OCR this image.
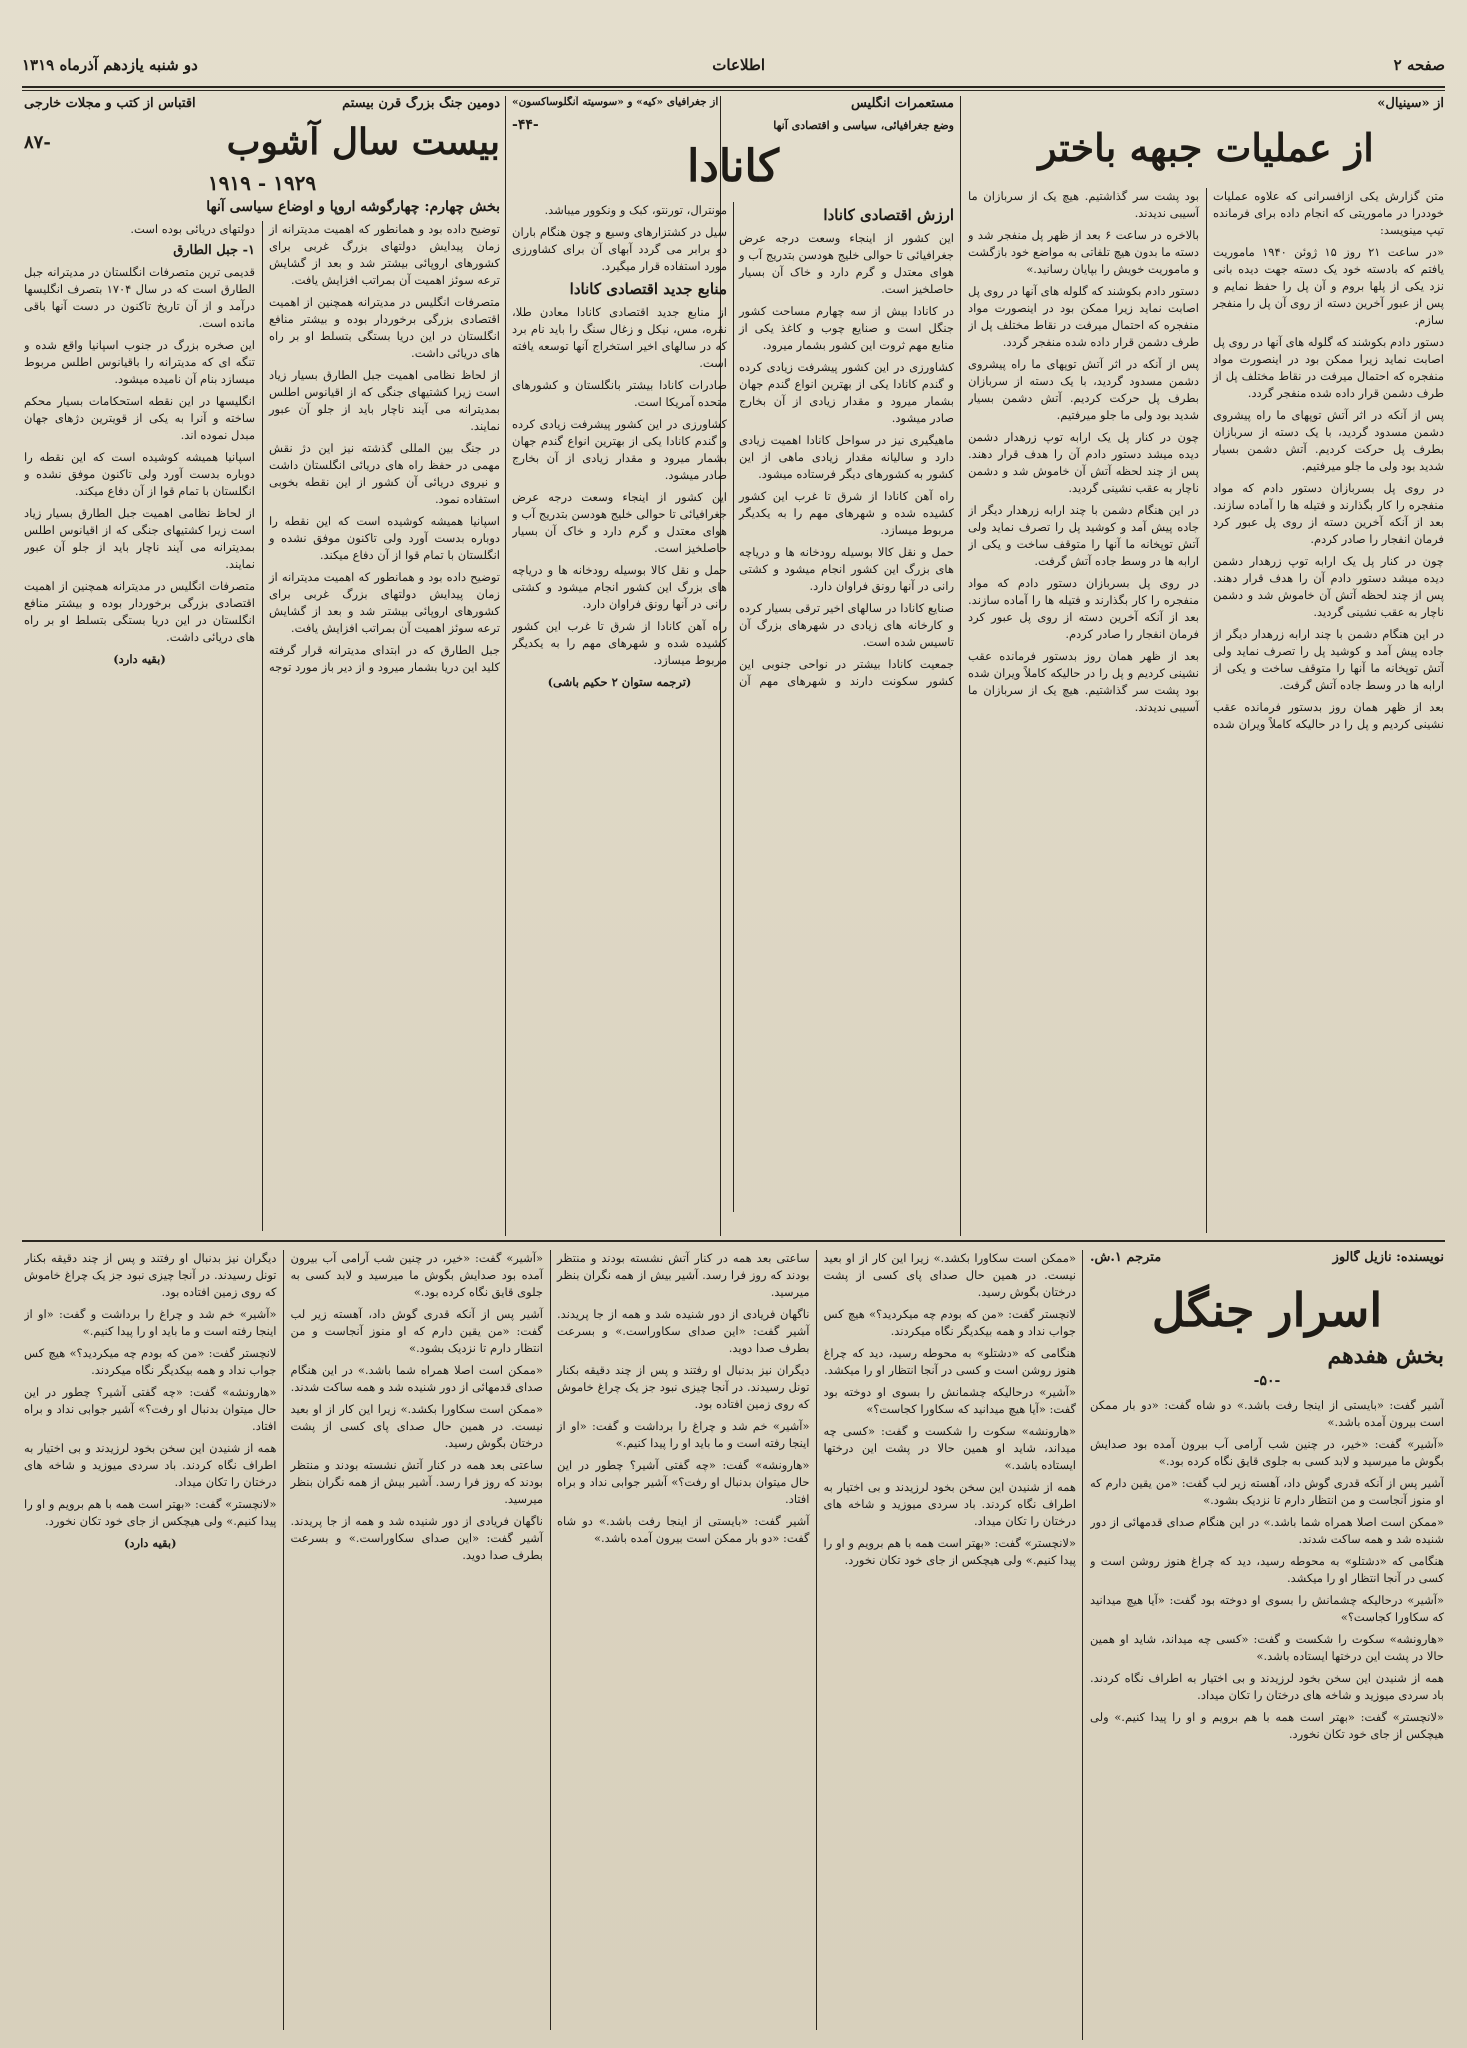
صفحه ۲
اطلاعات
دو شنبه یازدهم آذرماه ۱۳۱۹
از «سینیال»
از عملیات جبهه باختر

متن گزارش یکی ازافسرانی که علاوه عملیات خوددرا در ماموریتی که انجام داده برای فرمانده تیپ مینویسد:

«در ساعت ۲۱ روز ۱۵ ژوئن ۱۹۴۰ ماموریت یافتم که بادسته خود یک دسته جهت دیده بانی نزد یکی از پلها بروم و آن پل را حفظ نمایم و پس از عبور آخرین دسته از روی آن پل را منفجر سازم.

دستور دادم بکوشند که گلوله های آنها در روی پل اصابت نماید زیرا ممکن بود در اینصورت مواد منفجره که احتمال میرفت در نقاط مختلف پل از طرف دشمن قرار داده شده منفجر گردد.

پس از آنکه در اثر آتش توپهای ما راه پیشروی دشمن مسدود گردید، با یک دسته از سربازان بطرف پل حرکت کردیم. آتش دشمن بسیار شدید بود ولی ما جلو میرفتیم.

در روی پل بسربازان دستور دادم که مواد منفجره را کار بگذارند و فتیله ها را آماده سازند. بعد از آنکه آخرین دسته از روی پل عبور کرد فرمان انفجار را صادر کردم.

چون در کنار پل یک ارابه توپ زرهدار دشمن دیده میشد دستور دادم آن را هدف قرار دهند. پس از چند لحظه آتش آن خاموش شد و دشمن ناچار به عقب نشینی گردید.

در این هنگام دشمن با چند ارابه زرهدار دیگر از جاده پیش آمد و کوشید پل را تصرف نماید ولی آتش توپخانه ما آنها را متوقف ساخت و یکی از ارابه ها در وسط جاده آتش گرفت.

بعد از ظهر همان روز بدستور فرمانده عقب نشینی کردیم و پل را در حالیکه کاملاً ویران شده بود پشت سر گذاشتیم. هیچ یک از سربازان ما آسیبی ندیدند.

بالاخره در ساعت ۶ بعد از ظهر پل منفجر شد و دسته ما بدون هیچ تلفاتی به مواضع خود بازگشت و ماموریت خویش را بپایان رسانید.»

دستور دادم بکوشند که گلوله های آنها در روی پل اصابت نماید زیرا ممکن بود در اینصورت مواد منفجره که احتمال میرفت در نقاط مختلف پل از طرف دشمن قرار داده شده منفجر گردد.

پس از آنکه در اثر آتش توپهای ما راه پیشروی دشمن مسدود گردید، با یک دسته از سربازان بطرف پل حرکت کردیم. آتش دشمن بسیار شدید بود ولی ما جلو میرفتیم.

چون در کنار پل یک ارابه توپ زرهدار دشمن دیده میشد دستور دادم آن را هدف قرار دهند. پس از چند لحظه آتش آن خاموش شد و دشمن ناچار به عقب نشینی گردید.

در این هنگام دشمن با چند ارابه زرهدار دیگر از جاده پیش آمد و کوشید پل را تصرف نماید ولی آتش توپخانه ما آنها را متوقف ساخت و یکی از ارابه ها در وسط جاده آتش گرفت.

در روی پل بسربازان دستور دادم که مواد منفجره را کار بگذارند و فتیله ها را آماده سازند. بعد از آنکه آخرین دسته از روی پل عبور کرد فرمان انفجار را صادر کردم.

بعد از ظهر همان روز بدستور فرمانده عقب نشینی کردیم و پل را در حالیکه کاملاً ویران شده بود پشت سر گذاشتیم. هیچ یک از سربازان ما آسیبی ندیدند.

مستعمرات انگلیس
از جغرافیای «کیه» و «سوسیته آنگلوساکسون»
وضع جغرافیائی، سیاسی و اقتصادی آنها
-۴۴-
کانادا
ارزش اقتصادی کانادا

این کشور از اینجاء وسعت درجه عرض جغرافیائی تا حوالی خلیج هودسن بتدریج آب و هوای معتدل و گرم دارد و خاک آن بسیار حاصلخیز است.

در کانادا بیش از سه چهارم مساحت کشور جنگل است و صنایع چوب و کاغذ یکی از منابع مهم ثروت این کشور بشمار میرود.

کشاورزی در این کشور پیشرفت زیادی کرده و گندم کانادا یکی از بهترین انواع گندم جهان بشمار میرود و مقدار زیادی از آن بخارج صادر میشود.

ماهیگیری نیز در سواحل کانادا اهمیت زیادی دارد و سالیانه مقدار زیادی ماهی از این کشور به کشورهای دیگر فرستاده میشود.

راه آهن کانادا از شرق تا غرب این کشور کشیده شده و شهرهای مهم را به یکدیگر مربوط میسازد.

حمل و نقل کالا بوسیله رودخانه ها و دریاچه های بزرگ این کشور انجام میشود و کشتی رانی در آنها رونق فراوان دارد.

صنایع کانادا در سالهای اخیر ترقی بسیار کرده و کارخانه های زیادی در شهرهای بزرگ آن تاسیس شده است.

جمعیت کانادا بیشتر در نواحی جنوبی این کشور سکونت دارند و شهرهای مهم آن مونترال، تورنتو، کبک و ونکوور میباشد.

سیل در کشتزارهای وسیع و چون هنگام باران دو برابر می گردد آبهای آن برای کشاورزی مورد استفاده قرار میگیرد.

منابع جدید اقتصادی کانادا

از منابع جدید اقتصادی کانادا معادن طلا، نقره، مس، نیکل و زغال سنگ را باید نام برد که در سالهای اخیر استخراج آنها توسعه یافته است.

صادرات کانادا بیشتر بانگلستان و کشورهای متحده آمریکا است.

کشاورزی در این کشور پیشرفت زیادی کرده و گندم کانادا یکی از بهترین انواع گندم جهان بشمار میرود و مقدار زیادی از آن بخارج صادر میشود.

این کشور از اینجاء وسعت درجه عرض جغرافیائی تا حوالی خلیج هودسن بتدریج آب و هوای معتدل و گرم دارد و خاک آن بسیار حاصلخیز است.

حمل و نقل کالا بوسیله رودخانه ها و دریاچه های بزرگ این کشور انجام میشود و کشتی رانی در آنها رونق فراوان دارد.

راه آهن کانادا از شرق تا غرب این کشور کشیده شده و شهرهای مهم را به یکدیگر مربوط میسازد.

(ترجمه ستوان ۲ حکیم باشی)

دومین جنگ بزرگ قرن بیستم
اقتباس از کتب و مجلات خارجی
بیست سال آشوب
-۸۷
۱۹۲۹ - ۱۹۱۹
بخش چهارم: چهارگوشه اروپا و اوضاع سیاسی آنها

توضیح داده بود و همانطور که اهمیت مدیترانه از زمان پیدایش دولتهای بزرگ غربی برای کشورهای اروپائی بیشتر شد و بعد از گشایش ترعه سوئز اهمیت آن بمراتب افزایش یافت.

متصرفات انگلیس در مدیترانه همچنین از اهمیت اقتصادی بزرگی برخوردار بوده و بیشتر منافع انگلستان در این دریا بستگی بتسلط او بر راه های دریائی داشت.

از لحاظ نظامی اهمیت جبل الطارق بسیار زیاد است زیرا کشتیهای جنگی که از اقیانوس اطلس بمدیترانه می آیند ناچار باید از جلو آن عبور نمایند.

در جنگ بین المللی گذشته نیز این دژ نقش مهمی در حفظ راه های دریائی انگلستان داشت و نیروی دریائی آن کشور از این نقطه بخوبی استفاده نمود.

اسپانیا همیشه کوشیده است که این نقطه را دوباره بدست آورد ولی تاکنون موفق نشده و انگلستان با تمام قوا از آن دفاع میکند.

توضیح داده بود و همانطور که اهمیت مدیترانه از زمان پیدایش دولتهای بزرگ غربی برای کشورهای اروپائی بیشتر شد و بعد از گشایش ترعه سوئز اهمیت آن بمراتب افزایش یافت.

جبل الطارق که در ابتدای مدیترانه قرار گرفته کلید این دریا بشمار میرود و از دیر باز مورد توجه دولتهای دریائی بوده است.

۱- جبل الطارق

قدیمی ترین متصرفات انگلستان در مدیترانه جبل الطارق است که در سال ۱۷۰۴ بتصرف انگلیسها درآمد و از آن تاریخ تاکنون در دست آنها باقی مانده است.

این صخره بزرگ در جنوب اسپانیا واقع شده و تنگه ای که مدیترانه را باقیانوس اطلس مربوط میسازد بنام آن نامیده میشود.

انگلیسها در این نقطه استحکامات بسیار محکم ساخته و آنرا به یکی از قویترین دژهای جهان مبدل نموده اند.

اسپانیا همیشه کوشیده است که این نقطه را دوباره بدست آورد ولی تاکنون موفق نشده و انگلستان با تمام قوا از آن دفاع میکند.

از لحاظ نظامی اهمیت جبل الطارق بسیار زیاد است زیرا کشتیهای جنگی که از اقیانوس اطلس بمدیترانه می آیند ناچار باید از جلو آن عبور نمایند.

متصرفات انگلیس در مدیترانه همچنین از اهمیت اقتصادی بزرگی برخوردار بوده و بیشتر منافع انگلستان در این دریا بستگی بتسلط او بر راه های دریائی داشت.

(بقیه دارد)

نویسنده: نازیل گالوز
مترجم ۱.ش.
اسرار جنگل
بخش هفدهم
-۵۰-

آشیر گفت: «بایستی از اینجا رفت باشد.» دو شاه گفت: «دو بار ممکن است بیرون آمده باشد.»

«آشیر» گفت: «خیر، در چنین شب آرامی آب بیرون آمده بود صدایش بگوش ما میرسید و لابد کسی به جلوی قایق نگاه کرده بود.»

آشیر پس از آنکه قدری گوش داد، آهسته زیر لب گفت: «من یقین دارم که او منوز آنجاست و من انتظار دارم تا نزدیک بشود.»

«ممکن است اصلا همراه شما باشد.» در این هنگام صدای قدمهائی از دور شنیده شد و همه ساکت شدند.

هنگامی که «دشتلو» به محوطه رسید، دید که چراغ هنوز روشن است و کسی در آنجا انتظار او را میکشد.

«آشیر» درحالیکه چشمانش را بسوی او دوخته بود گفت: «آیا هیچ میدانید که سکاورا کجاست؟»

«هارونشه» سکوت را شکست و گفت: «کسی چه میداند، شاید او همین حالا در پشت این درختها ایستاده باشد.»

همه از شنیدن این سخن بخود لرزیدند و بی اختیار به اطراف نگاه کردند. باد سردی میوزید و شاخه های درختان را تکان میداد.

«لانچستر» گفت: «بهتر است همه با هم برویم و او را پیدا کنیم.» ولی هیچکس از جای خود تکان نخورد.

«ممکن است سکاورا بکشد.» زیرا این کار از او بعید نیست. در همین حال صدای پای کسی از پشت درختان بگوش رسید.

لانچستر گفت: «من که بودم چه میکردید؟» هیچ کس جواب نداد و همه بیکدیگر نگاه میکردند.

هنگامی که «دشتلو» به محوطه رسید، دید که چراغ هنوز روشن است و کسی در آنجا انتظار او را میکشد.

«آشیر» درحالیکه چشمانش را بسوی او دوخته بود گفت: «آیا هیچ میدانید که سکاورا کجاست؟»

«هارونشه» سکوت را شکست و گفت: «کسی چه میداند، شاید او همین حالا در پشت این درختها ایستاده باشد.»

همه از شنیدن این سخن بخود لرزیدند و بی اختیار به اطراف نگاه کردند. باد سردی میوزید و شاخه های درختان را تکان میداد.

«لانچستر» گفت: «بهتر است همه با هم برویم و او را پیدا کنیم.» ولی هیچکس از جای خود تکان نخورد.

ساعتی بعد همه در کنار آتش نشسته بودند و منتظر بودند که روز فرا رسد. آشیر بیش از همه نگران بنظر میرسید.

ناگهان فریادی از دور شنیده شد و همه از جا پریدند. آشیر گفت: «این صدای سکاوراست.» و بسرعت بطرف صدا دوید.

دیگران نیز بدنبال او رفتند و پس از چند دقیقه بکنار تونل رسیدند. در آنجا چیزی نبود جز یک چراغ خاموش که روی زمین افتاده بود.

«آشیر» خم شد و چراغ را برداشت و گفت: «او از اینجا رفته است و ما باید او را پیدا کنیم.»

«هارونشه» گفت: «چه گفتی آشیر؟ چطور در این حال میتوان بدنبال او رفت؟» آشیر جوابی نداد و براه افتاد.

آشیر گفت: «بایستی از اینجا رفت باشد.» دو شاه گفت: «دو بار ممکن است بیرون آمده باشد.»

«آشیر» گفت: «خیر، در چنین شب آرامی آب بیرون آمده بود صدایش بگوش ما میرسید و لابد کسی به جلوی قایق نگاه کرده بود.»

آشیر پس از آنکه قدری گوش داد، آهسته زیر لب گفت: «من یقین دارم که او منوز آنجاست و من انتظار دارم تا نزدیک بشود.»

«ممکن است اصلا همراه شما باشد.» در این هنگام صدای قدمهائی از دور شنیده شد و همه ساکت شدند.

«ممکن است سکاورا بکشد.» زیرا این کار از او بعید نیست. در همین حال صدای پای کسی از پشت درختان بگوش رسید.

ساعتی بعد همه در کنار آتش نشسته بودند و منتظر بودند که روز فرا رسد. آشیر بیش از همه نگران بنظر میرسید.

ناگهان فریادی از دور شنیده شد و همه از جا پریدند. آشیر گفت: «این صدای سکاوراست.» و بسرعت بطرف صدا دوید.

دیگران نیز بدنبال او رفتند و پس از چند دقیقه بکنار تونل رسیدند. در آنجا چیزی نبود جز یک چراغ خاموش که روی زمین افتاده بود.

«آشیر» خم شد و چراغ را برداشت و گفت: «او از اینجا رفته است و ما باید او را پیدا کنیم.»

لانچستر گفت: «من که بودم چه میکردید؟» هیچ کس جواب نداد و همه بیکدیگر نگاه میکردند.

«هارونشه» گفت: «چه گفتی آشیر؟ چطور در این حال میتوان بدنبال او رفت؟» آشیر جوابی نداد و براه افتاد.

همه از شنیدن این سخن بخود لرزیدند و بی اختیار به اطراف نگاه کردند. باد سردی میوزید و شاخه های درختان را تکان میداد.

«لانچستر» گفت: «بهتر است همه با هم برویم و او را پیدا کنیم.» ولی هیچکس از جای خود تکان نخورد.

(بقیه دارد)
